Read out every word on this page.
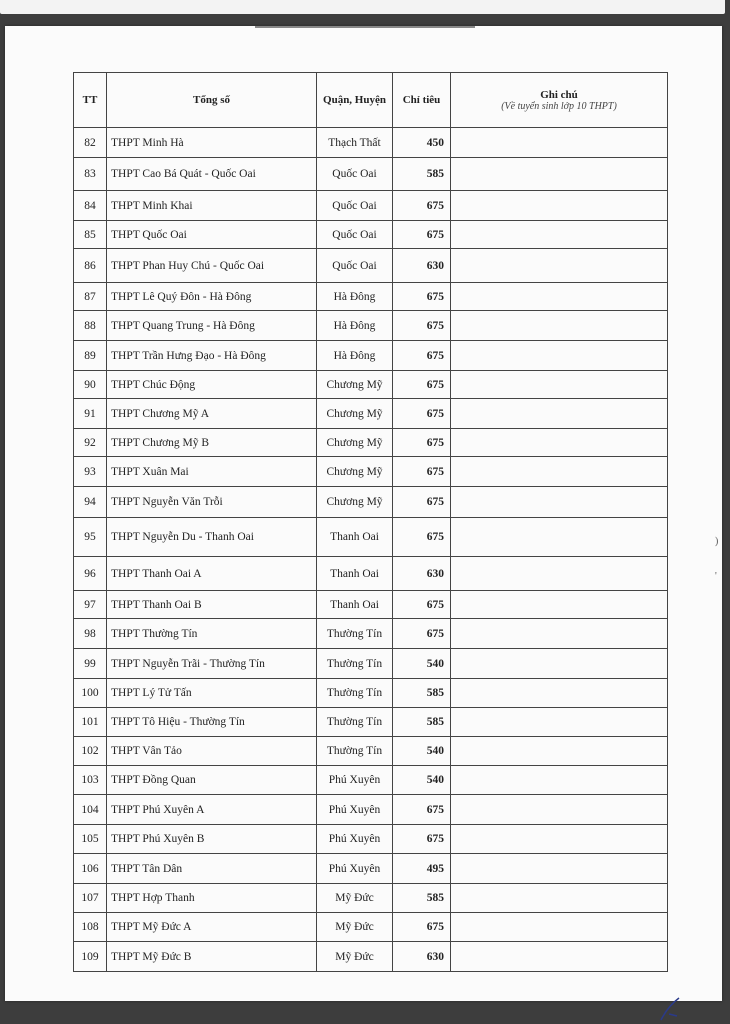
TT	Tổng số	Quận, Huyện	Chỉ tiêu	Ghi chú
(Về tuyển sinh lớp 10 THPT)

82	THPT Minh Hà	Thạch Thất	450	
83	THPT Cao Bá Quát - Quốc Oai	Quốc Oai	585	
84	THPT Minh Khai	Quốc Oai	675	
85	THPT Quốc Oai	Quốc Oai	675	
86	THPT Phan Huy Chú - Quốc Oai	Quốc Oai	630	
87	THPT Lê Quý Đôn - Hà Đông	Hà Đông	675	
88	THPT Quang Trung - Hà Đông	Hà Đông	675	
89	THPT Trần Hưng Đạo - Hà Đông	Hà Đông	675	
90	THPT Chúc Động	Chương Mỹ	675	
91	THPT Chương Mỹ A	Chương Mỹ	675	
92	THPT Chương Mỹ B	Chương Mỹ	675	
93	THPT Xuân Mai	Chương Mỹ	675	
94	THPT Nguyễn Văn Trỗi	Chương Mỹ	675	
95	THPT Nguyễn Du - Thanh Oai	Thanh Oai	675	
96	THPT Thanh Oai A	Thanh Oai	630	
97	THPT Thanh Oai B	Thanh Oai	675	
98	THPT Thường Tín	Thường Tín	675	
99	THPT Nguyễn Trãi - Thường Tín	Thường Tín	540	
100	THPT Lý Tử Tấn	Thường Tín	585	
101	THPT Tô Hiệu - Thường Tín	Thường Tín	585	
102	THPT Vân Tảo	Thường Tín	540	
103	THPT Đồng Quan	Phú Xuyên	540	
104	THPT Phú Xuyên A	Phú Xuyên	675	
105	THPT Phú Xuyên B	Phú Xuyên	675	
106	THPT Tân Dân	Phú Xuyên	495	
107	THPT Hợp Thanh	Mỹ Đức	585	
108	THPT Mỹ Đức A	Mỹ Đức	675	
109	THPT Mỹ Đức B	Mỹ Đức	630	
)
'
